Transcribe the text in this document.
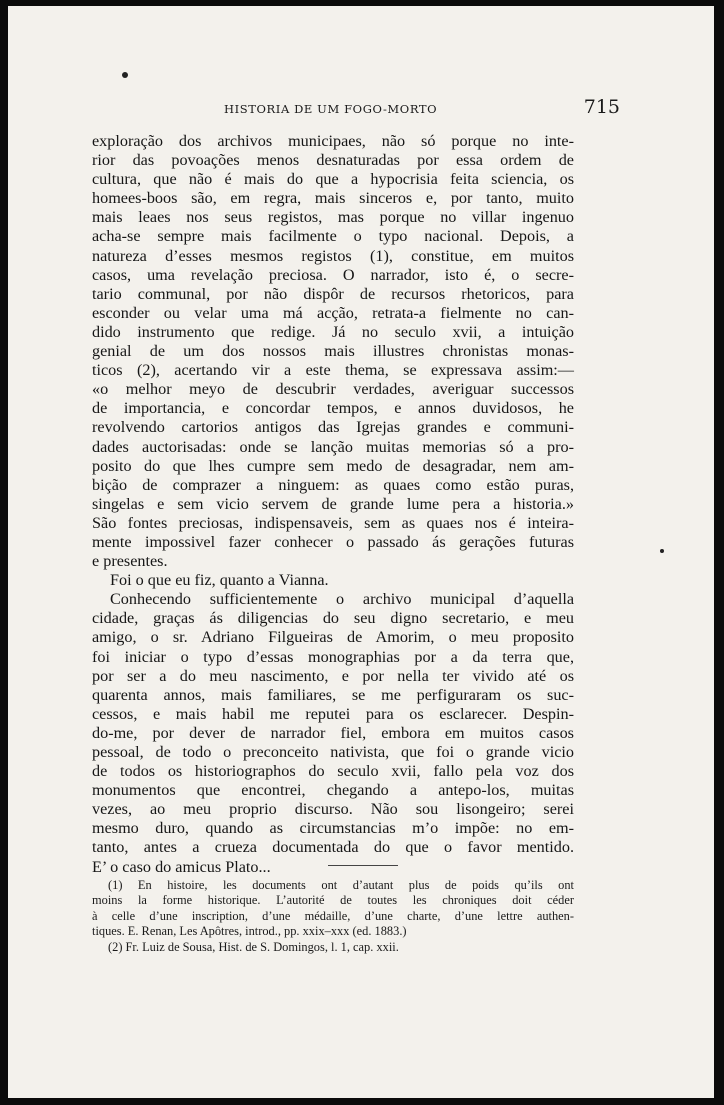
HISTORIA DE UM FOGO-MORTO	715
exploração dos archivos municipaes, não só porque no inte-
rior das povoações menos desnaturadas por essa ordem de
cultura, que não é mais do que a hypocrisia feita sciencia, os
homees-boos são, em regra, mais sinceros e, por tanto, muito
mais leaes nos seus registos, mas porque no villar ingenuo
acha-se sempre mais facilmente o typo nacional. Depois, a
natureza d’esses mesmos registos (1), constitue, em muitos
casos, uma revelação preciosa. O narrador, isto é, o secre-
tario communal, por não dispôr de recursos rhetoricos, para
esconder ou velar uma má acção, retrata-a fielmente no can-
dido instrumento que redige. Já no seculo xvii, a intuição
genial de um dos nossos mais illustres chronistas monas-
ticos (2), acertando vir a este thema, se expressava assim:—
«o melhor meyo de descubrir verdades, averiguar successos
de importancia, e concordar tempos, e annos duvidosos, he
revolvendo cartorios antigos das Igrejas grandes e communi-
dades auctorisadas: onde se lanção muitas memorias só a pro-
posito do que lhes cumpre sem medo de desagradar, nem am-
bição de comprazer a ninguem: as quaes como estão puras,
singelas e sem vicio servem de grande lume pera a historia.»
São fontes preciosas, indispensaveis, sem as quaes nos é inteira-
mente impossivel fazer conhecer o passado ás gerações futuras
e presentes.
Foi o que eu fiz, quanto a Vianna.
Conhecendo sufficientemente o archivo municipal d’aquella
cidade, graças ás diligencias do seu digno secretario, e meu
amigo, o sr. Adriano Filgueiras de Amorim, o meu proposito
foi iniciar o typo d’essas monographias por a da terra que,
por ser a do meu nascimento, e por nella ter vivido até os
quarenta annos, mais familiares, se me perfiguraram os suc-
cessos, e mais habil me reputei para os esclarecer. Despin-
do-me, por dever de narrador fiel, embora em muitos casos
pessoal, de todo o preconceito nativista, que foi o grande vicio
de todos os historiographos do seculo xvii, fallo pela voz dos
monumentos que encontrei, chegando a antepo-los, muitas
vezes, ao meu proprio discurso. Não sou lisongeiro; serei
mesmo duro, quando as circumstancias m’o impõe: no em-
tanto, antes a crueza documentada do que o favor mentido.
E’ o caso do amicus Plato...
(1) En histoire, les documents ont d’autant plus de poids qu’ils ont
moins la forme historique. L’autorité de toutes les chroniques doit céder
à celle d’une inscription, d’une médaille, d’une charte, d’une lettre authen-
tiques. E. Renan, Les Apôtres, introd., pp. xxix–xxx (ed. 1883.)
(2) Fr. Luiz de Sousa, Hist. de S. Domingos, l. 1, cap. xxii.
